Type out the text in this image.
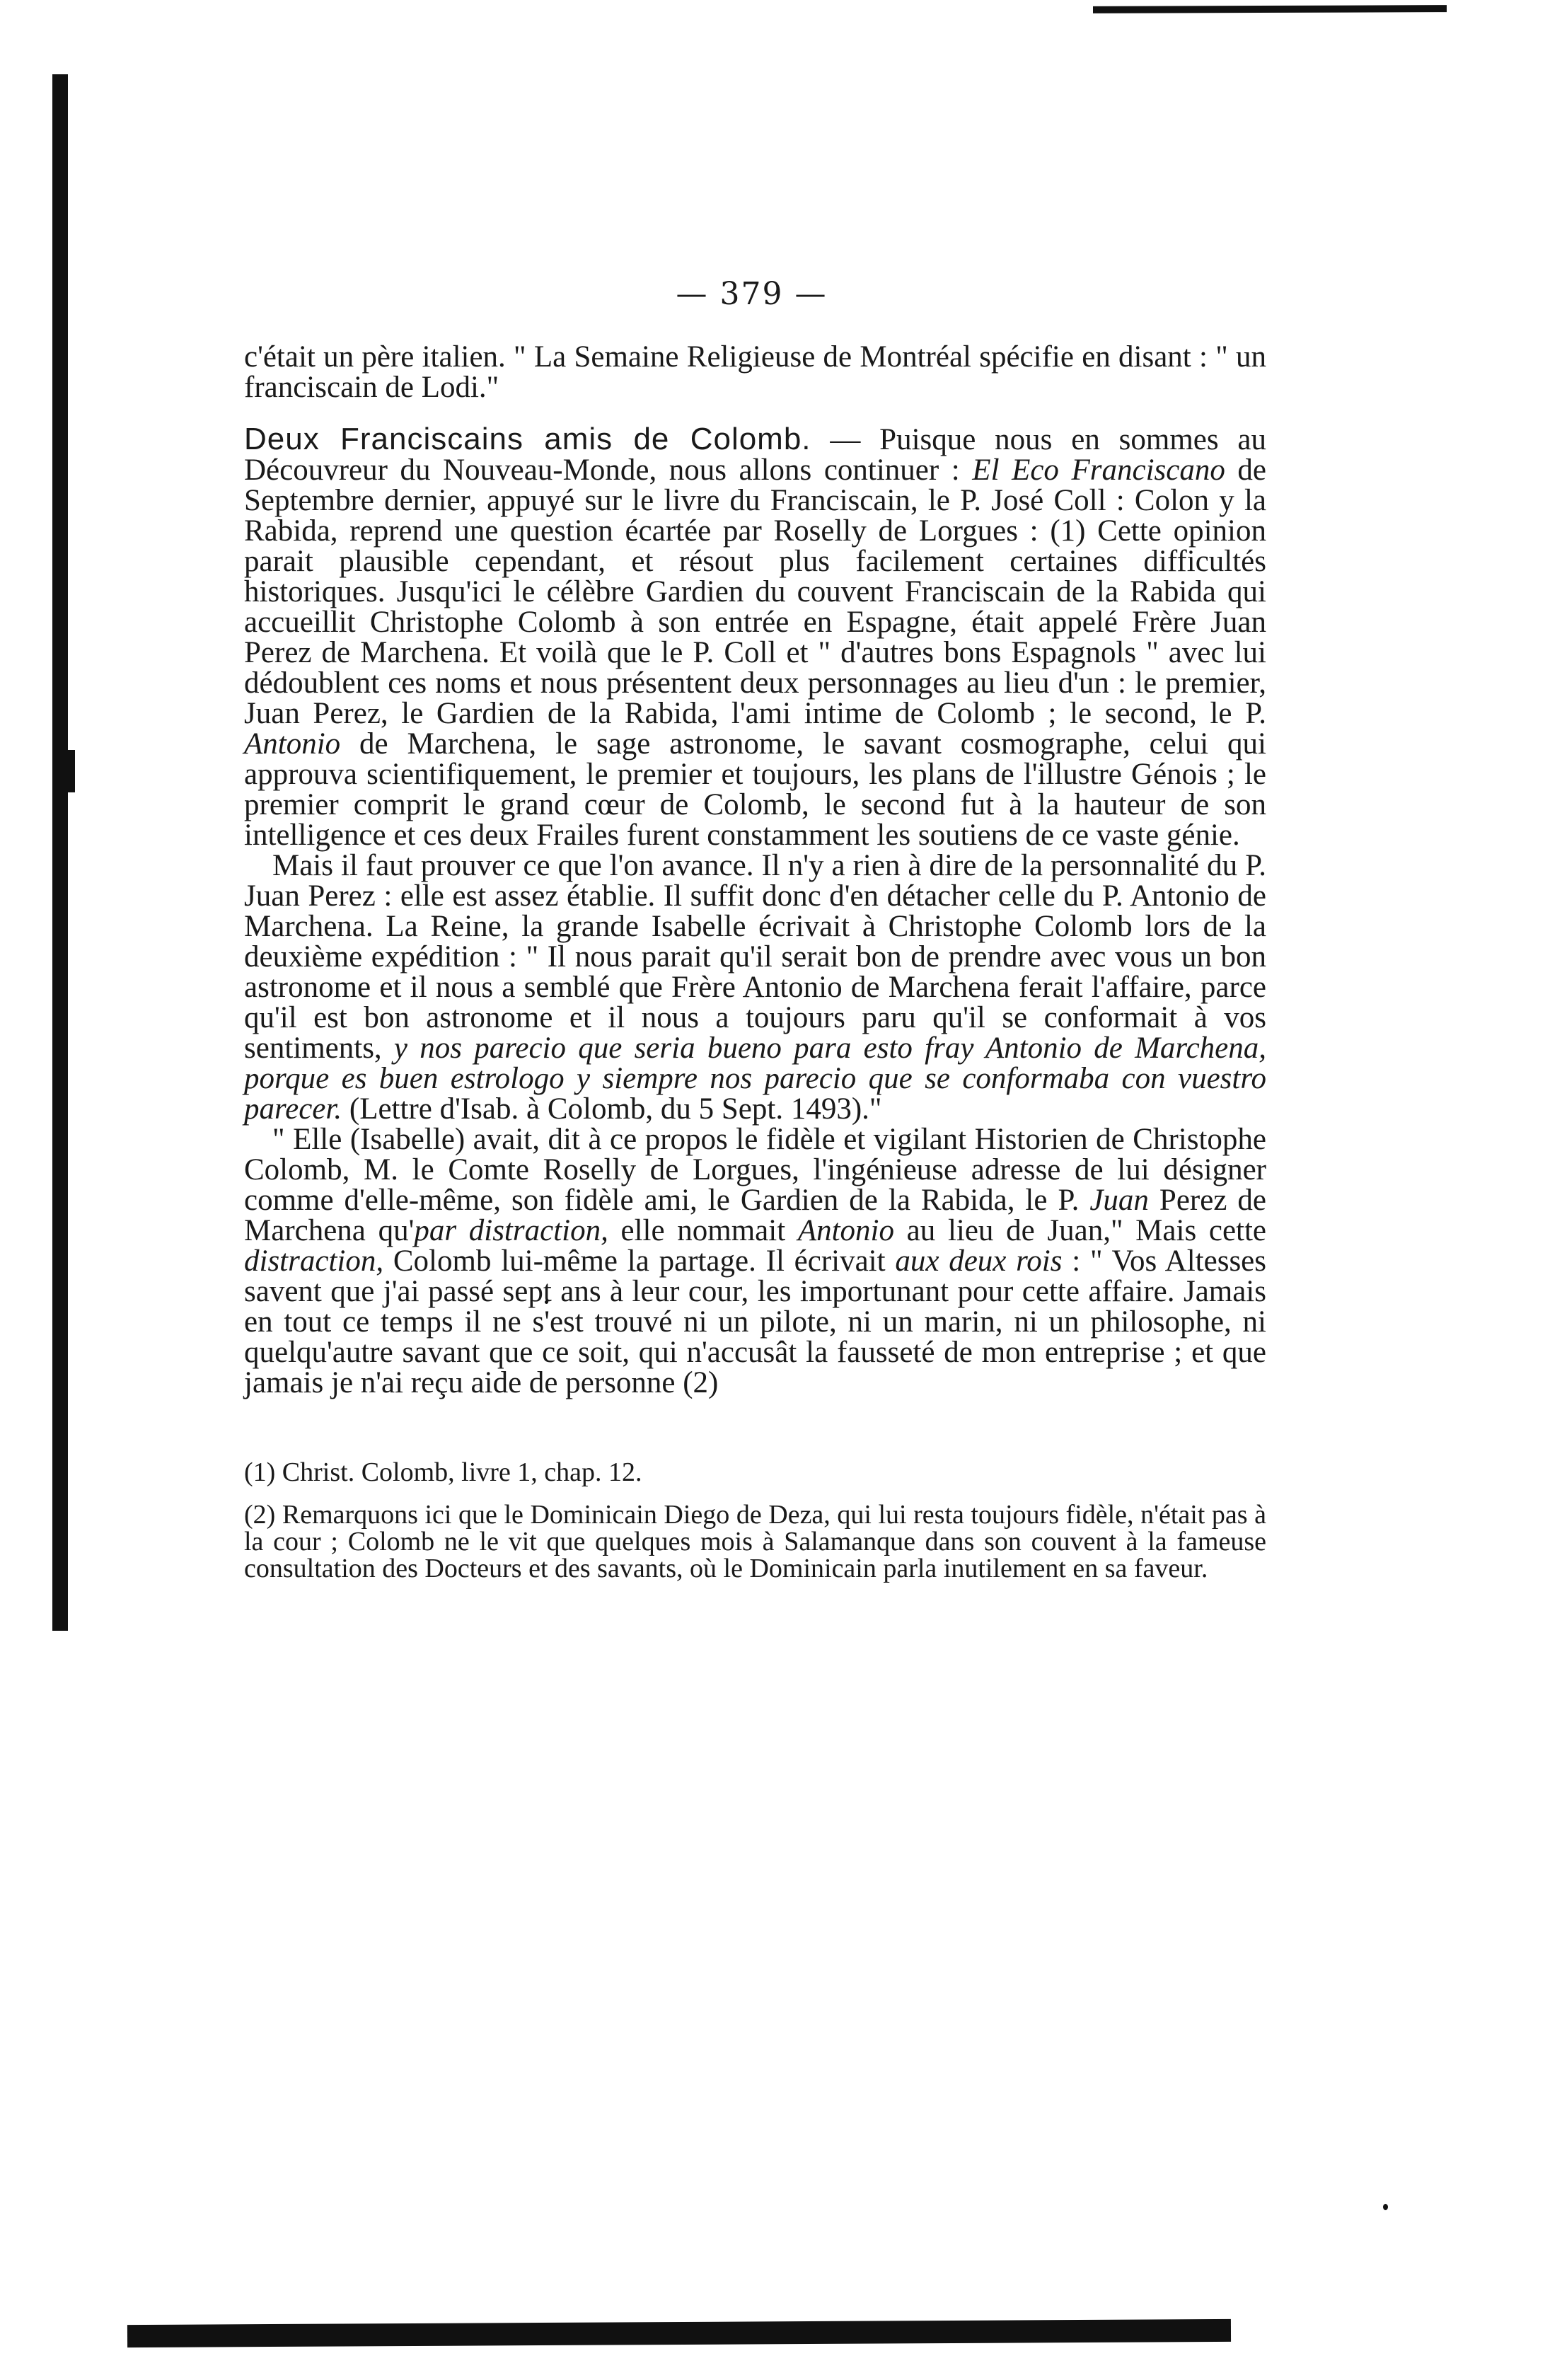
— 379 —

c'était un père italien. " La Semaine Religieuse de Montréal spécifie en disant : " un franciscain de Lodi."

Deux Franciscains amis de Colomb. — Puisque nous en sommes au Découvreur du Nouveau-Monde, nous allons continuer : El Eco Franciscano de Septembre dernier, appuyé sur le livre du Franciscain, le P. José Coll : Colon y la Rabida, reprend une question écartée par Roselly de Lorgues : (1) Cette opinion parait plausible cependant, et résout plus facilement certaines difficultés historiques. Jusqu'ici le célèbre Gardien du couvent Franciscain de la Rabida qui accueillit Christophe Colomb à son entrée en Espagne, était appelé Frère Juan Perez de Marchena. Et voilà que le P. Coll et " d'autres bons Espagnols " avec lui dédoublent ces noms et nous présentent deux personnages au lieu d'un : le premier, Juan Perez, le Gardien de la Rabida, l'ami intime de Colomb ; le second, le P. Antonio de Marchena, le sage astronome, le savant cosmographe, celui qui approuva scientifiquement, le premier et toujours, les plans de l'illustre Génois ; le premier comprit le grand cœur de Colomb, le second fut à la hauteur de son intelligence et ces deux Frailes furent constamment les soutiens de ce vaste génie.

Mais il faut prouver ce que l'on avance. Il n'y a rien à dire de la personnalité du P. Juan Perez : elle est assez établie. Il suffit donc d'en détacher celle du P. Antonio de Marchena. La Reine, la grande Isabelle écrivait à Christophe Colomb lors de la deuxième expédition : " Il nous parait qu'il serait bon de prendre avec vous un bon astronome et il nous a semblé que Frère Antonio de Marchena ferait l'affaire, parce qu'il est bon astronome et il nous a toujours paru qu'il se conformait à vos sentiments, y nos parecio que seria bueno para esto fray Antonio de Marchena, porque es buen estrologo y siempre nos parecio que se conformaba con vuestro parecer. (Lettre d'Isab. à Colomb, du 5 Sept. 1493)."

" Elle (Isabelle) avait, dit à ce propos le fidèle et vigilant Historien de Christophe Colomb, M. le Comte Roselly de Lorgues, l'ingénieuse adresse de lui désigner comme d'elle-même, son fidèle ami, le Gardien de la Rabida, le P. Juan Perez de Marchena qu'par distraction, elle nommait Antonio au lieu de Juan," Mais cette distraction, Colomb lui-même la partage. Il écrivait aux deux rois : " Vos Altesses savent que j'ai passé sept ans à leur cour, les importunant pour cette affaire. Jamais en tout ce temps il ne s'est trouvé ni un pilote, ni un marin, ni un philosophe, ni quelqu'autre savant que ce soit, qui n'accusât la fausseté de mon entreprise ; et que jamais je n'ai reçu aide de personne (2)

(1) Christ. Colomb, livre 1, chap. 12.

(2) Remarquons ici que le Dominicain Diego de Deza, qui lui resta toujours fidèle, n'était pas à la cour ; Colomb ne le vit que quelques mois à Salamanque dans son couvent à la fameuse consultation des Docteurs et des savants, où le Dominicain parla inutilement en sa faveur.
